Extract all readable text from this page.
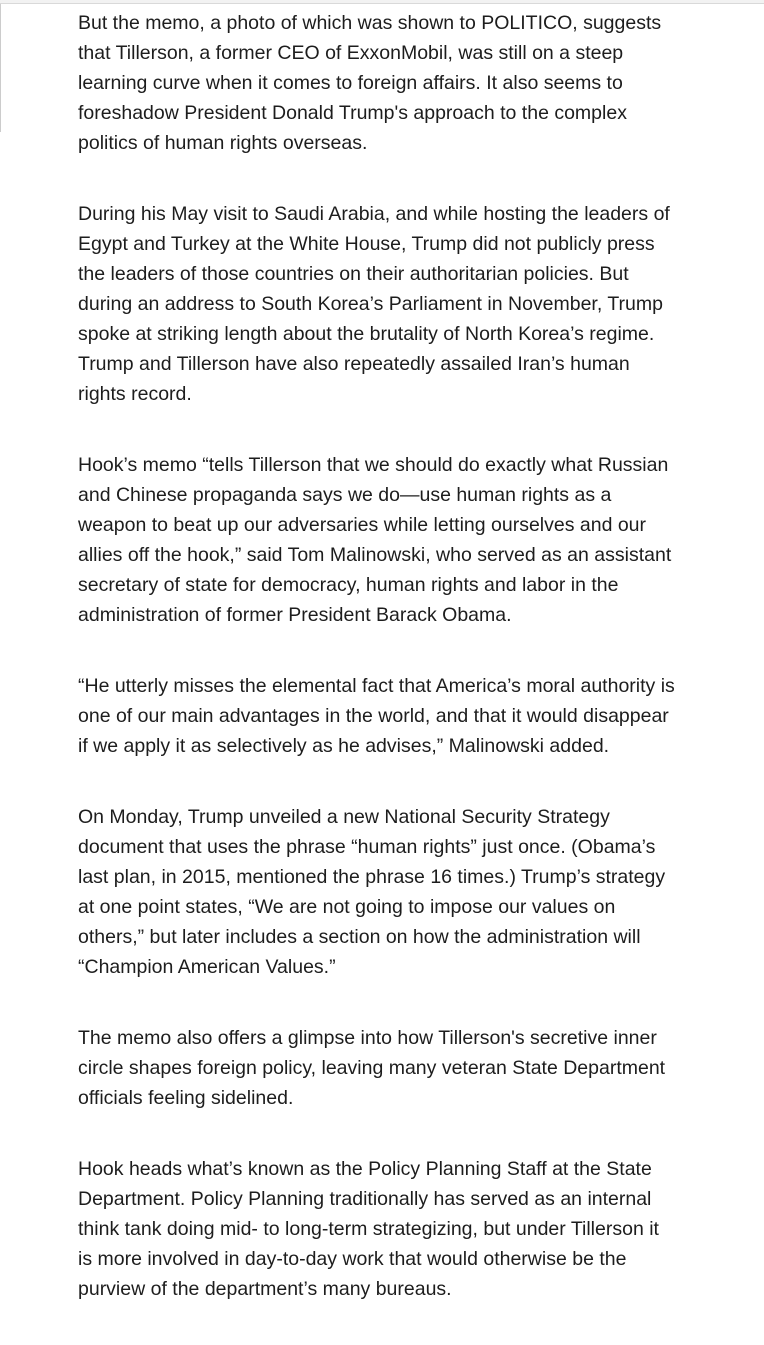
But the memo, a photo of which was shown to POLITICO, suggests that Tillerson, a former CEO of ExxonMobil, was still on a steep learning curve when it comes to foreign affairs. It also seems to foreshadow President Donald Trump's approach to the complex politics of human rights overseas.

During his May visit to Saudi Arabia, and while hosting the leaders of Egypt and Turkey at the White House, Trump did not publicly press the leaders of those countries on their authoritarian policies. But during an address to South Korea’s Parliament in November, Trump spoke at striking length about the brutality of North Korea’s regime. Trump and Tillerson have also repeatedly assailed Iran’s human rights record.

Hook’s memo “tells Tillerson that we should do exactly what Russian and Chinese propaganda says we do—use human rights as a weapon to beat up our adversaries while letting ourselves and our allies off the hook,” said Tom Malinowski, who served as an assistant secretary of state for democracy, human rights and labor in the administration of former President Barack Obama.

“He utterly misses the elemental fact that America’s moral authority is one of our main advantages in the world, and that it would disappear if we apply it as selectively as he advises,” Malinowski added.

On Monday, Trump unveiled a new National Security Strategy document that uses the phrase “human rights” just once. (Obama’s last plan, in 2015, mentioned the phrase 16 times.) Trump’s strategy at one point states, “We are not going to impose our values on others,” but later includes a section on how the administration will “Champion American Values.”

The memo also offers a glimpse into how Tillerson's secretive inner circle shapes foreign policy, leaving many veteran State Department officials feeling sidelined.

Hook heads what’s known as the Policy Planning Staff at the State Department. Policy Planning traditionally has served as an internal think tank doing mid- to long-term strategizing, but under Tillerson it is more involved in day-to-day work that would otherwise be the purview of the department’s many bureaus.
